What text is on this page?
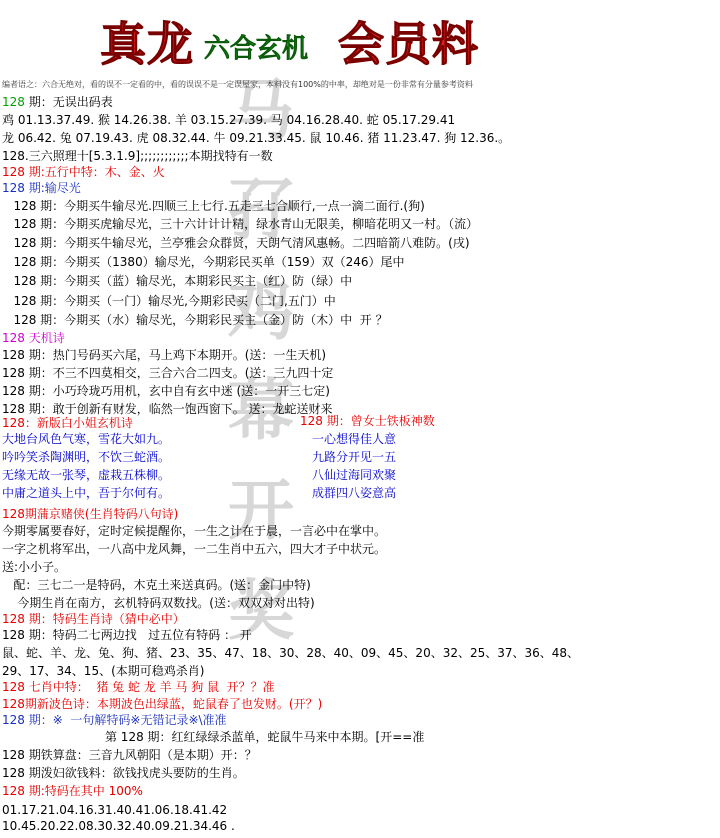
马
孖
鸡
幕
开
奖
真龙 六合玄机 会员料
编者语之：六合无绝对，看的误不一定看的中，看的误误不是一定误屋家，本料没有100%的中率，却绝对是一份非常有分量参考资料
128 期：无误出码表
鸡 01.13.37.49. 猴 14.26.38. 羊 03.15.27.39. 马 04.16.28.40. 蛇 05.17.29.41
龙 06.42. 兔 07.19.43. 虎 08.32.44. 牛 09.21.33.45. 鼠 10.46. 猪 11.23.47. 狗 12.36.。
128.三六照理十[5.3.1.9];;;;;;;;;;;;本期找特有一数
128 期:五行中特：木、金、火
128 期:输尽光
128 期：今期买牛输尽光.四顺三上七行.五走三七合顺行,一点一滴二面行.(狗)
128 期：今期买虎输尽光，三十六计计计精，绿水青山无限美，柳暗花明又一村。（流）
128 期：今期买牛输尽光，兰亭雅会众群贤，天朗气清风惠畅。二四暗箭八难防。(戌)
128 期：今期买（1380）输尽光，今期彩民买单（159）双（246）尾中
128 期：今期买（蓝）输尽光，本期彩民买主（红）防（绿）中
128 期：今期买（一门）输尽光,今期彩民买（二门,五门）中
128 期：今期买（水）输尽光，今期彩民买主（金）防（木）中  开 ？
128 天机诗
128 期：热门号码买六尾，马上鸡下本期开。(送：一生天机)
128 期：不三不四莫相交，三合六合二四支。(送：三九四十定
128 期：小巧玲珑巧用机，玄中自有玄中迷 (送：一开三七定)
128 期：敢于创新有财发，临然一饱西窗下。 送：龙蛇送财来
128：新版白小姐玄机诗
大地台风色气寒，雪花大如九。
吟吟笑杀陶渊明，不饮三蛇酒。
无缘无故一张琴，虚栽五株柳。
中庸之道头上中，吾于尔何有。
128期蒲京赌侠(生肖特码八句诗)
今期零属要春好，定时定候提醒你，一生之计在于晨，一言必中在掌中。
一字之机将军出，一八高中龙风舞，一二生肖中五六，四大才子中状元。
送:小小子。
配：三七二一是特码，木克土来送真码。(送：金门中特)
今期生肖在南方，玄机特码双数找。(送：双双对对出特)
128 期：特码生肖诗（猜中必中）
128 期：特码二七两边找   过五位有特码 ： 开
鼠、蛇、羊、龙、兔、狗、猪、23、35、47、18、30、28、40、09、45、20、32、25、37、36、48、
29、17、34、15、(本期可稳鸡杀肖)
128 七肖中特：  猪 兔 蛇 龙 羊 马 狗 鼠  开？？准
128期新波色诗：本期波色出绿蓝，蛇鼠春了也发财。(开？)
128 期：※  一句解特码※无错记录※\准准
第 128 期：红红绿绿杀蓝单，蛇鼠牛马来中本期。[开==准
128 期铁算盘：三音九风朝阳（是本期）开：？
128 期泼妇欲钱料：欲钱找虎头要防的生肖。
128 期:特码在其中 100%
01.17.21.04.16.31.40.41.06.18.41.42
10.45.20.22.08.30.32.40.09.21.34.46 .
128 期：曾女士铁板神数
一心想得佳人意
九路分开见一五
八仙过海同欢聚
成群四八姿意高
